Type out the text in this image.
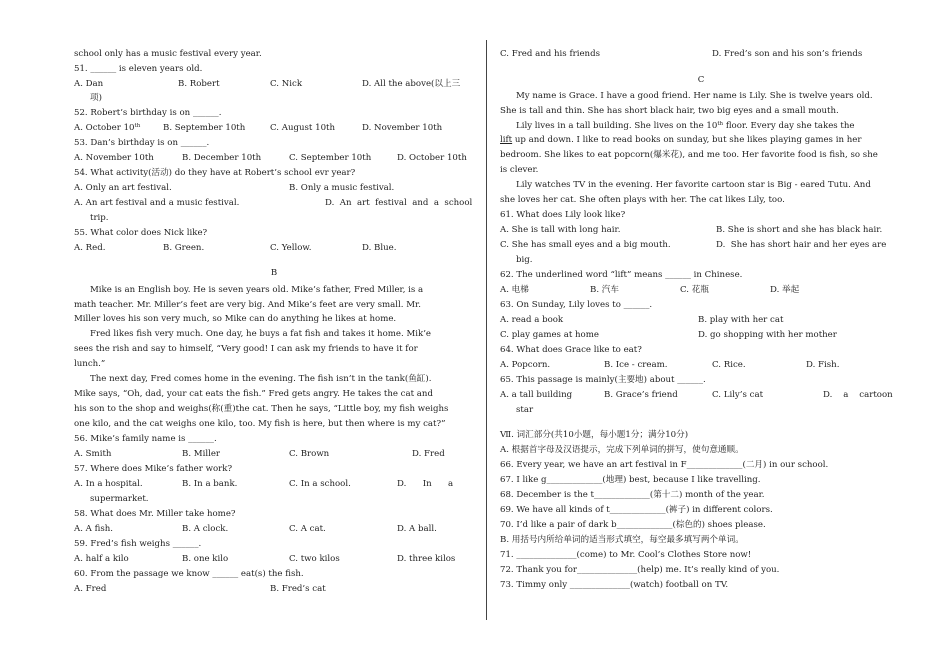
school only has a music festival every year.
51. ______ is eleven years old.
A. Dan	B. Robert	C. Nick	D. All the above(以上三
项)
52. Robert’s birthday is on ______.
A. October 10th	B. September 10th	C. August 10th	D. November 10th
53. Dan’s birthday is on ______.
A. November 10th	B. December 10th	C. September 10th	D. October 10th
54. What activity(活动) do they have at Robert’s school evr year?
A. Only an art festival.	B. Only a music festival.
A. An art festival and a music festival.	D.  An  art  festival  and  a  school
trip.
55. What color does Nick like?
A. Red.	B. Green.	C. Yellow.	D. Blue.
B
Mike is an English boy. He is seven years old. Mike’s father, Fred Miller, is a
math teacher. Mr. Miller’s feet are very big. And Mike’s feet are very small. Mr.
Miller loves his son very much, so Mike can do anything he likes at home.
Fred likes fish very much. One day, he buys a fat fish and takes it home. Mik’e
sees the rish and say to himself, “Very good! I can ask my friends to have it for
lunch.”
The next day, Fred comes home in the evening. The fish isn’t in the tank(鱼缸).
Mike says, “Oh, dad, your cat eats the fish.” Fred gets angry. He takes the cat and
his son to the shop and weighs(称(重)the cat. Then he says, “Little boy, my fish weighs
one kilo, and the cat weighs one kilo, too. My fish is here, but then where is my cat?”
56. Mike’s family name is ______.
A. Smith	B. Miller	C. Brown	D. Fred
57. Where does Mike’s father work?
A. In a hospital.	B. In a bank.	C. In a school.	D.      In      a
supermarket.
58. What does Mr. Miller take home?
A. A fish.	B. A clock.	C. A cat.	D. A ball.
59. Fred’s fish weighs ______.
A. half a kilo	B. one kilo	C. two kilos	D. three kilos
60. From the passage we know ______ eat(s) the fish.
A. Fred	B. Fred’s cat
C. Fred and his friends	D. Fred’s son and his son’s friends
C
My name is Grace. I have a good friend. Her name is Lily. She is twelve years old.
She is tall and thin. She has short black hair, two big eyes and a small mouth.
Lily lives in a tall building. She lives on the 10th floor. Every day she takes the
lift up and down. I like to read books on sunday, but she likes playing games in her
bedroom. She likes to eat popcorn(爆米花), and me too. Her favorite food is fish, so she
is clever.
Lily watches TV in the evening. Her favorite cartoon star is Big - eared Tutu. And
she loves her cat. She often plays with her. The cat likes Lily, too.
61. What does Lily look like?
A. She is tall with long hair.	B. She is short and she has black hair.
C. She has small eyes and a big mouth.	D.  She has short hair and her eyes are
big.
62. The underlined word “lift” means ______ in Chinese.
A. 电梯	B. 汽车	C. 花瓶	D. 举起
63. On Sunday, Lily loves to ______.
A. read a book	B. play with her cat
C. play games at home	D. go shopping with her mother
64. What does Grace like to eat?
A. Popcorn.	B. Ice - cream.	C. Rice.	D. Fish.
65. This passage is mainly(主要地) about ______.
A. a tall building	B. Grace’s friend	C. Lily’s cat	D.    a    cartoon
star
Ⅶ. 词汇部分(共10小题，每小题1分；满分10分)
A. 根据首字母及汉语提示，完成下列单词的拼写，使句意通顺。
66. Every year, we have an art festival in F_____________(二月) in our school.
67. I like g_____________(地理) best, because I like travelling.
68. December is the t_____________(第十二) month of the year.
69. We have all kinds of t_____________(裤子) in different colors.
70. I’d like a pair of dark b_____________(棕色的) shoes please.
B. 用括号内所给单词的适当形式填空，每空最多填写两个单词。
71. ______________(come) to Mr. Cool’s Clothes Store now!
72. Thank you for______________(help) me. It’s really kind of you.
73. Timmy only ______________(watch) football on TV.
